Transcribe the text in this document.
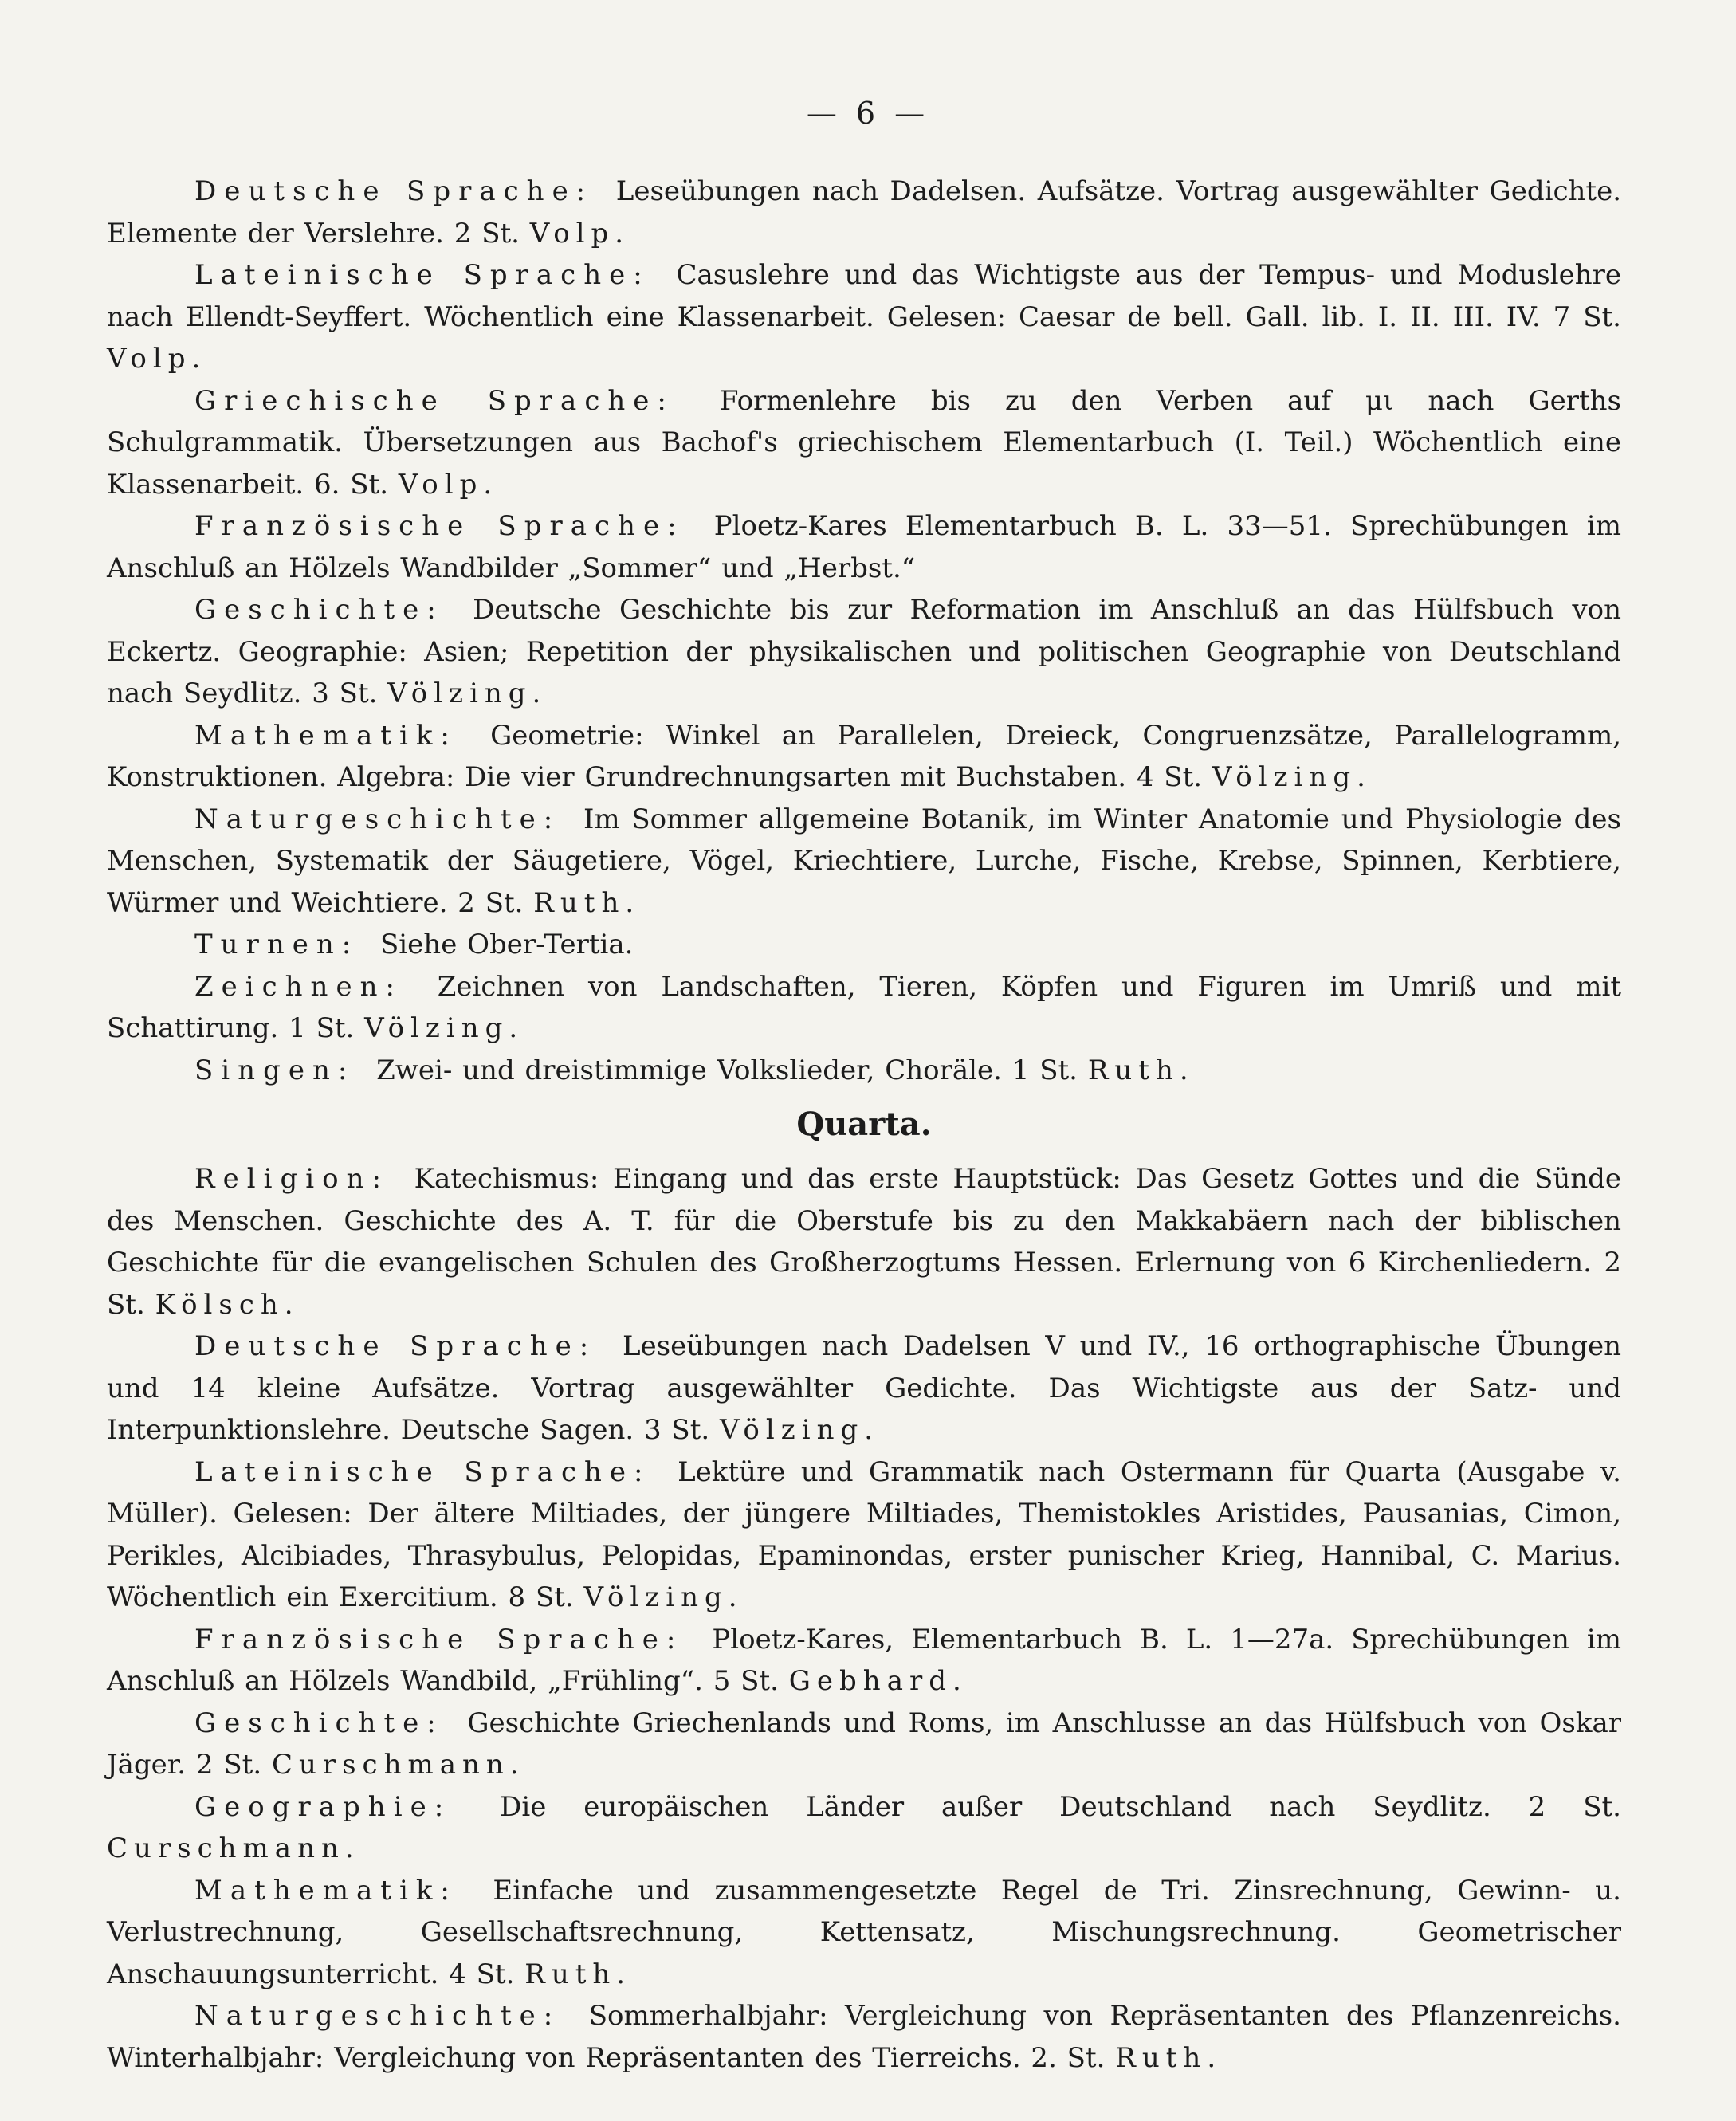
— 6 —

Deutsche Sprache: Leseübungen nach Dadelsen. Aufsätze. Vortrag ausgewählter Gedichte. Elemente der Verslehre. 2 St. Volp.

Lateinische Sprache: Casuslehre und das Wichtigste aus der Tempus- und Moduslehre nach Ellendt-Seyffert. Wöchentlich eine Klassenarbeit. Gelesen: Caesar de bell. Gall. lib. I. II. III. IV. 7 St. Volp.

Griechische Sprache: Formenlehre bis zu den Verben auf μι nach Gerths Schulgrammatik. Übersetzungen aus Bachof's griechischem Elementarbuch (I. Teil.) Wöchentlich eine Klassenarbeit. 6. St. Volp.

Französische Sprache: Ploetz-Kares Elementarbuch B. L. 33—51. Sprechübungen im Anschluß an Hölzels Wandbilder „Sommer“ und „Herbst.“

Geschichte: Deutsche Geschichte bis zur Reformation im Anschluß an das Hülfsbuch von Eckertz. Geographie: Asien; Repetition der physikalischen und politischen Geographie von Deutschland nach Seydlitz. 3 St. Völzing.

Mathematik: Geometrie: Winkel an Parallelen, Dreieck, Congruenzsätze, Parallelogramm, Konstruktionen. Algebra: Die vier Grundrechnungsarten mit Buchstaben. 4 St. Völzing.

Naturgeschichte: Im Sommer allgemeine Botanik, im Winter Anatomie und Physiologie des Menschen, Systematik der Säugetiere, Vögel, Kriechtiere, Lurche, Fische, Krebse, Spinnen, Kerbtiere, Würmer und Weichtiere. 2 St. Ruth.

Turnen: Siehe Ober-Tertia.

Zeichnen: Zeichnen von Landschaften, Tieren, Köpfen und Figuren im Umriß und mit Schattirung. 1 St. Völzing.

Singen: Zwei- und dreistimmige Volkslieder, Choräle. 1 St. Ruth.

Quarta.

Religion: Katechismus: Eingang und das erste Hauptstück: Das Gesetz Gottes und die Sünde des Menschen. Geschichte des A. T. für die Oberstufe bis zu den Makkabäern nach der biblischen Geschichte für die evangelischen Schulen des Großherzogtums Hessen. Erlernung von 6 Kirchenliedern. 2 St. Kölsch.

Deutsche Sprache: Leseübungen nach Dadelsen V und IV., 16 orthographische Übungen und 14 kleine Aufsätze. Vortrag ausgewählter Gedichte. Das Wichtigste aus der Satz- und Interpunktionslehre. Deutsche Sagen. 3 St. Völzing.

Lateinische Sprache: Lektüre und Grammatik nach Ostermann für Quarta (Ausgabe v. Müller). Gelesen: Der ältere Miltiades, der jüngere Miltiades, Themistokles Aristides, Pausanias, Cimon, Perikles, Alcibiades, Thrasybulus, Pelopidas, Epaminondas, erster punischer Krieg, Hannibal, C. Marius. Wöchentlich ein Exercitium. 8 St. Völzing.

Französische Sprache: Ploetz-Kares, Elementarbuch B. L. 1—27a. Sprechübungen im Anschluß an Hölzels Wandbild, „Frühling“. 5 St. Gebhard.

Geschichte: Geschichte Griechenlands und Roms, im Anschlusse an das Hülfsbuch von Oskar Jäger. 2 St. Curschmann.

Geographie: Die europäischen Länder außer Deutschland nach Seydlitz. 2 St. Curschmann.

Mathematik: Einfache und zusammengesetzte Regel de Tri. Zinsrechnung, Gewinn- u. Verlustrechnung, Gesellschaftsrechnung, Kettensatz, Mischungsrechnung. Geometrischer Anschauungsunterricht. 4 St. Ruth.

Naturgeschichte: Sommerhalbjahr: Vergleichung von Repräsentanten des Pflanzenreichs. Winterhalbjahr: Vergleichung von Repräsentanten des Tierreichs. 2. St. Ruth.
